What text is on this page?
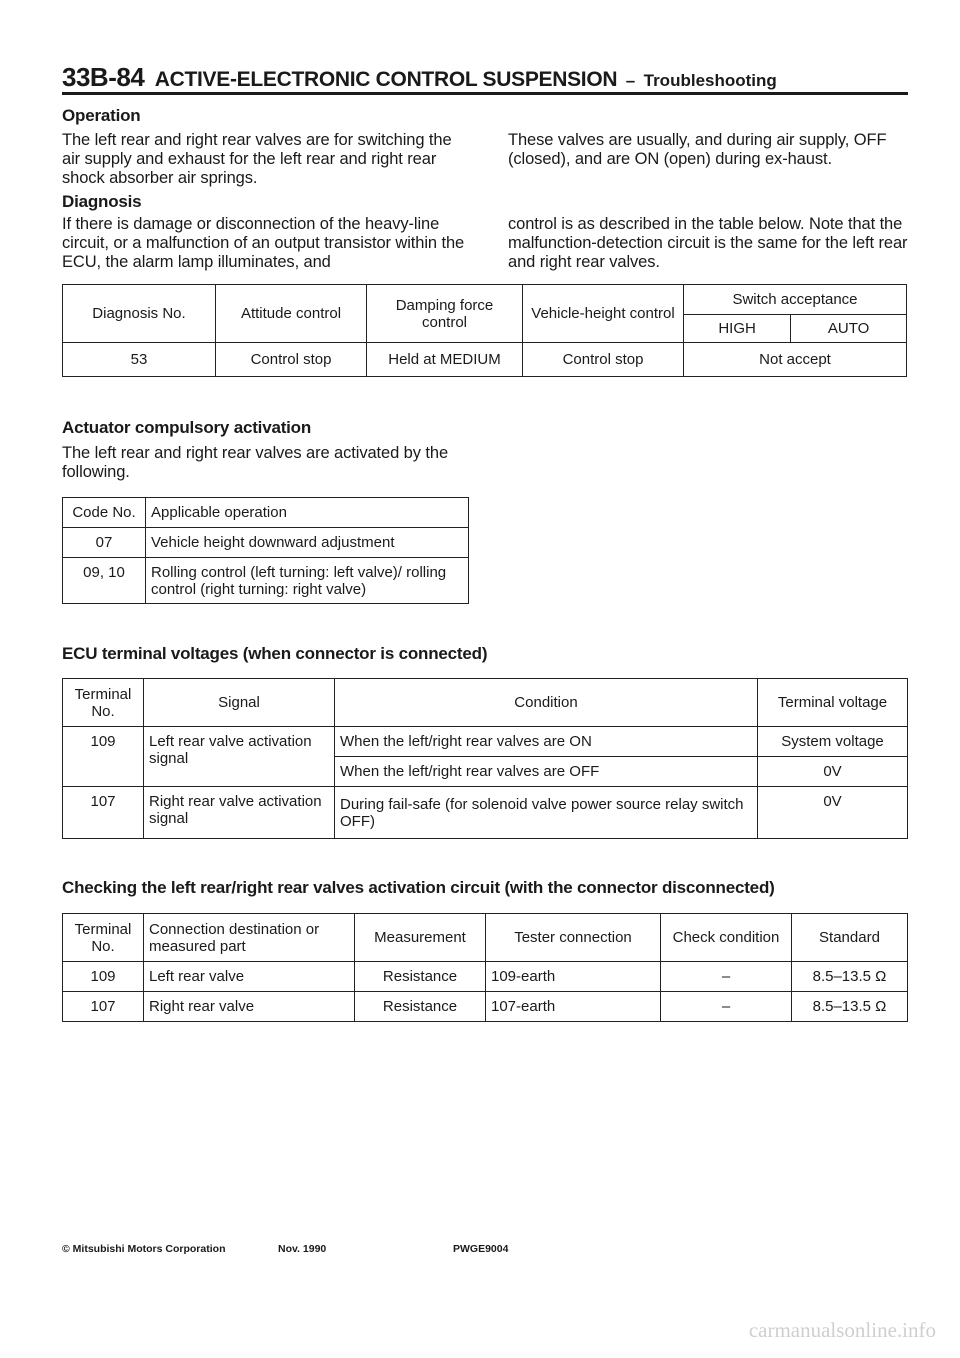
33B-84 ACTIVE-ELECTRONIC CONTROL SUSPENSION – Troubleshooting
Operation

The left rear and right rear valves are for switching the air supply and exhaust for the left rear and right rear shock absorber air springs.

These valves are usually, and during air supply, OFF (closed), and are ON (open) during ex-haust.

Diagnosis

If there is damage or disconnection of the heavy-line circuit, or a malfunction of an output transistor within the ECU, the alarm lamp illuminates, and

control is as described in the table below. Note that the malfunction-detection circuit is the same for the left rear and right rear valves.

Diagnosis No.	Attitude control	Damping force control	Vehicle-height control	Switch acceptance	
				HIGH	AUTO
53	Control stop	Held at MEDIUM	Control stop	Not accept	
Actuator compulsory activation

The left rear and right rear valves are activated by the following.

Code No.	Applicable operation
07	Vehicle height downward adjustment
09, 10	Rolling control (left turning: left valve)/ rolling control (right turning: right valve)
ECU terminal voltages (when connector is connected)
Terminal No.	Signal	Condition	Terminal voltage
109	Left rear valve activation signal	When the left/right rear valves are ON	System voltage
		When the left/right rear valves are OFF	0V
107	Right rear valve activation signal	During fail-safe (for solenoid valve power source relay switch OFF)	0V
Checking the left rear/right rear valves activation circuit (with the connector disconnected)
Terminal No.	Connection destination or measured part	Measurement	Tester connection	Check condition	Standard
109	Left rear valve	Resistance	109-earth	–	8.5–13.5 Ω
107	Right rear valve	Resistance	107-earth	–	8.5–13.5 Ω
© Mitsubishi Motors Corporation	Nov. 1990	PWGE9004
carmanualsonline.info
